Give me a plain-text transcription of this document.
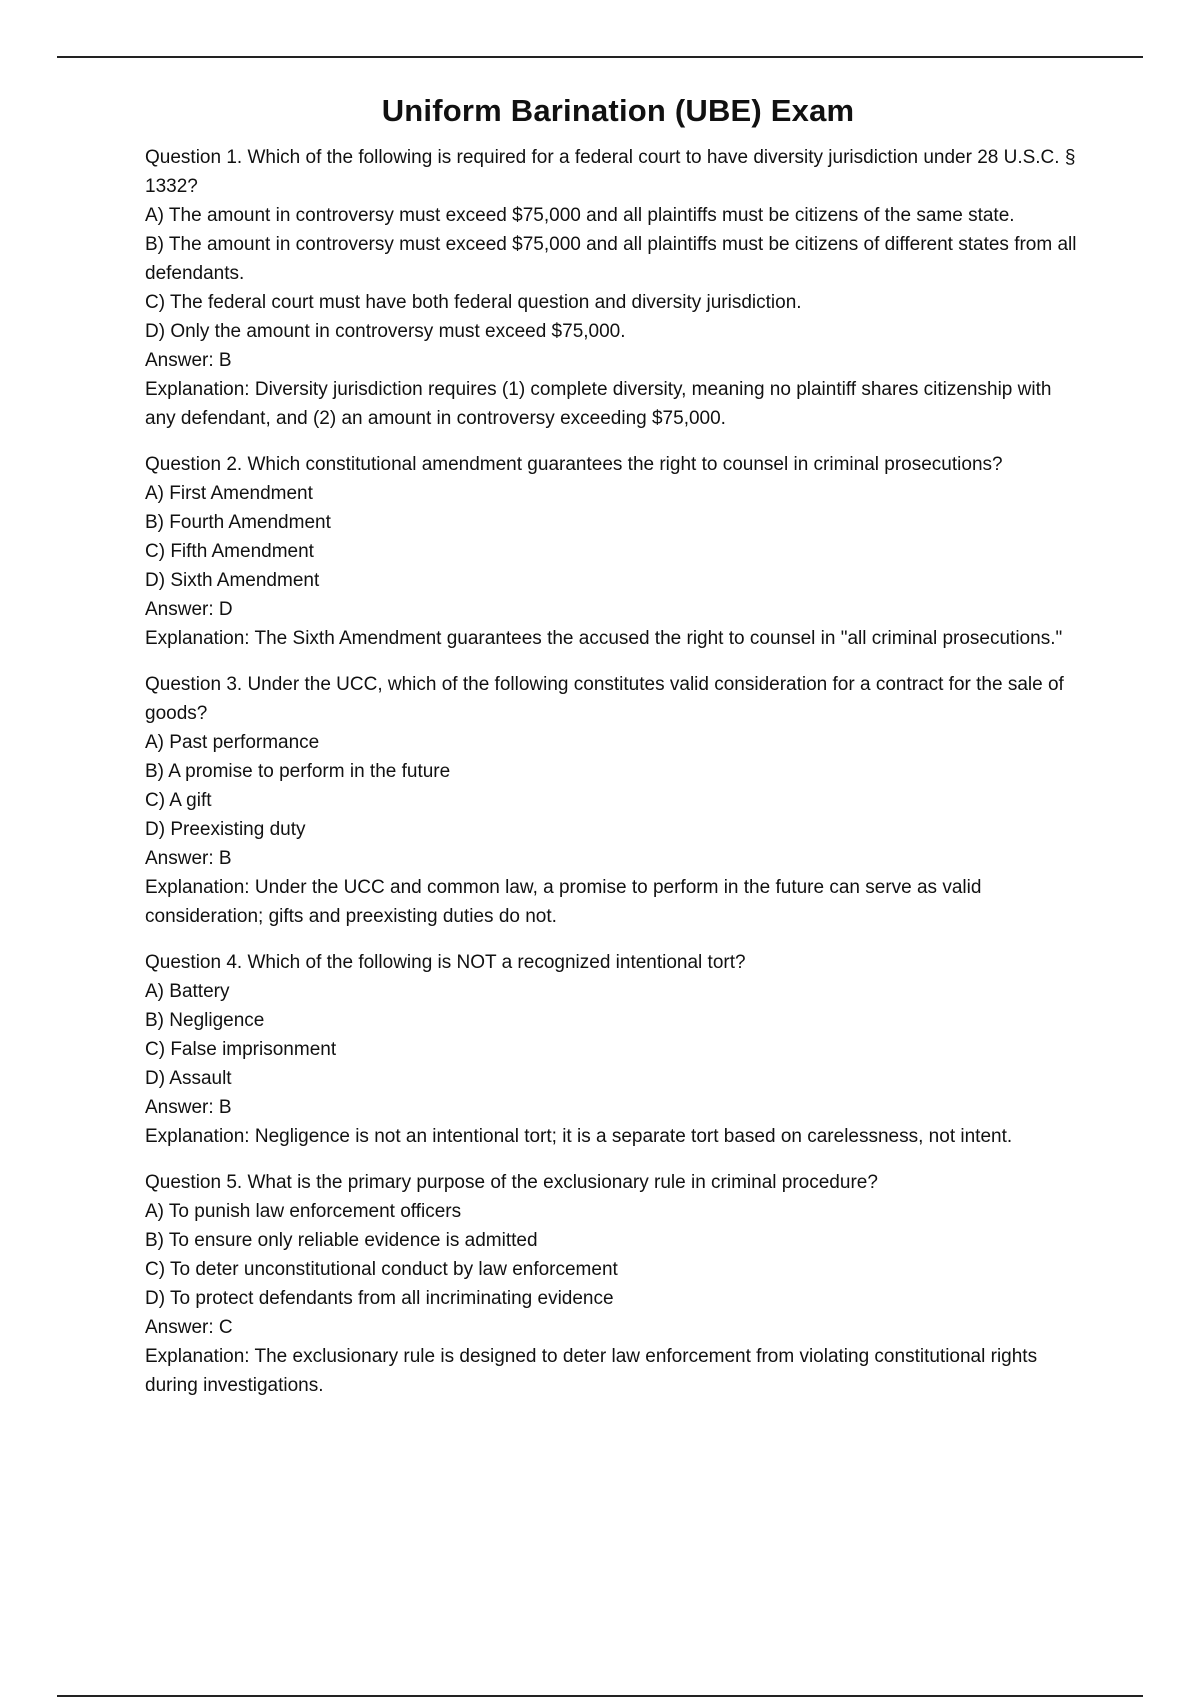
Uniform Barination (UBE) Exam

Question 1. Which of the following is required for a federal court to have diversity jurisdiction under 28 U.S.C. § 1332?

A) The amount in controversy must exceed $75,000 and all plaintiffs must be citizens of the same state.

B) The amount in controversy must exceed $75,000 and all plaintiffs must be citizens of different states from all defendants.

C) The federal court must have both federal question and diversity jurisdiction.

D) Only the amount in controversy must exceed $75,000.

Answer: B

Explanation: Diversity jurisdiction requires (1) complete diversity, meaning no plaintiff shares citizenship with any defendant, and (2) an amount in controversy exceeding $75,000.

Question 2. Which constitutional amendment guarantees the right to counsel in criminal prosecutions?

A) First Amendment

B) Fourth Amendment

C) Fifth Amendment

D) Sixth Amendment

Answer: D

Explanation: The Sixth Amendment guarantees the accused the right to counsel in "all criminal prosecutions."

Question 3. Under the UCC, which of the following constitutes valid consideration for a contract for the sale of goods?

A) Past performance

B) A promise to perform in the future

C) A gift

D) Preexisting duty

Answer: B

Explanation: Under the UCC and common law, a promise to perform in the future can serve as valid consideration; gifts and preexisting duties do not.

Question 4. Which of the following is NOT a recognized intentional tort?

A) Battery

B) Negligence

C) False imprisonment

D) Assault

Answer: B

Explanation: Negligence is not an intentional tort; it is a separate tort based on carelessness, not intent.

Question 5. What is the primary purpose of the exclusionary rule in criminal procedure?

A) To punish law enforcement officers

B) To ensure only reliable evidence is admitted

C) To deter unconstitutional conduct by law enforcement

D) To protect defendants from all incriminating evidence

Answer: C

Explanation: The exclusionary rule is designed to deter law enforcement from violating constitutional rights during investigations.
